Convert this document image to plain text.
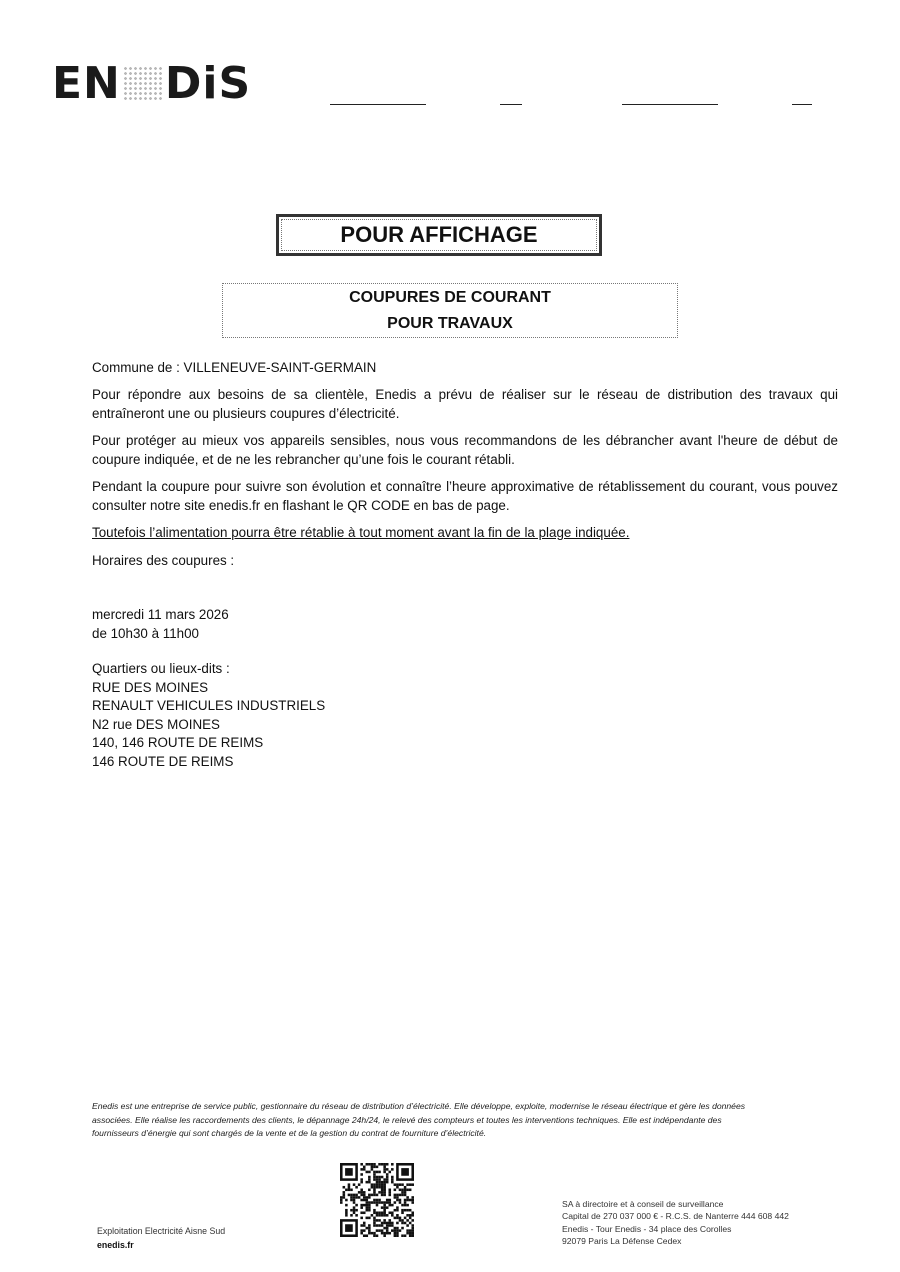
EN DiS
POUR AFFICHAGE
COUPURES DE COURANT
POUR TRAVAUX

Commune de : VILLENEUVE-SAINT-GERMAIN

Pour répondre aux besoins de sa clientèle, Enedis a prévu de réaliser sur le réseau de distribution des travaux qui entraîneront une ou plusieurs coupures d’électricité.

Pour protéger au mieux vos appareils sensibles, nous vous recommandons de les débrancher avant l'heure de début de coupure indiquée, et de ne les rebrancher qu’une fois le courant rétabli.

Pendant la coupure pour suivre son évolution et connaître l’heure approximative de rétablissement du courant, vous pouvez consulter notre site enedis.fr en flashant le QR CODE en bas de page.

Toutefois l’alimentation pourra être rétablie à tout moment avant la fin de la plage indiquée.

Horaires des coupures :

mercredi 11 mars 2026
de 10h30 à 11h00
Quartiers ou lieux-dits :
RUE DES MOINES
RENAULT VEHICULES INDUSTRIELS
N2 rue DES MOINES
140, 146 ROUTE DE REIMS
146 ROUTE DE REIMS
Enedis est une entreprise de service public, gestionnaire du réseau de distribution d’électricité. Elle développe, exploite, modernise le réseau électrique et gère les données
associées. Elle réalise les raccordements des clients, le dépannage 24h/24, le relevé des compteurs et toutes les interventions techniques. Elle est indépendante des
fournisseurs d’énergie qui sont chargés de la vente et de la gestion du contrat de fourniture d’électricité.
Exploitation Electricité Aisne Sud
enedis.fr
SA à directoire et à conseil de surveillance
Capital de 270 037 000 € - R.C.S. de Nanterre 444 608 442
Enedis - Tour Enedis - 34 place des Corolles
92079 Paris La Défense Cedex
